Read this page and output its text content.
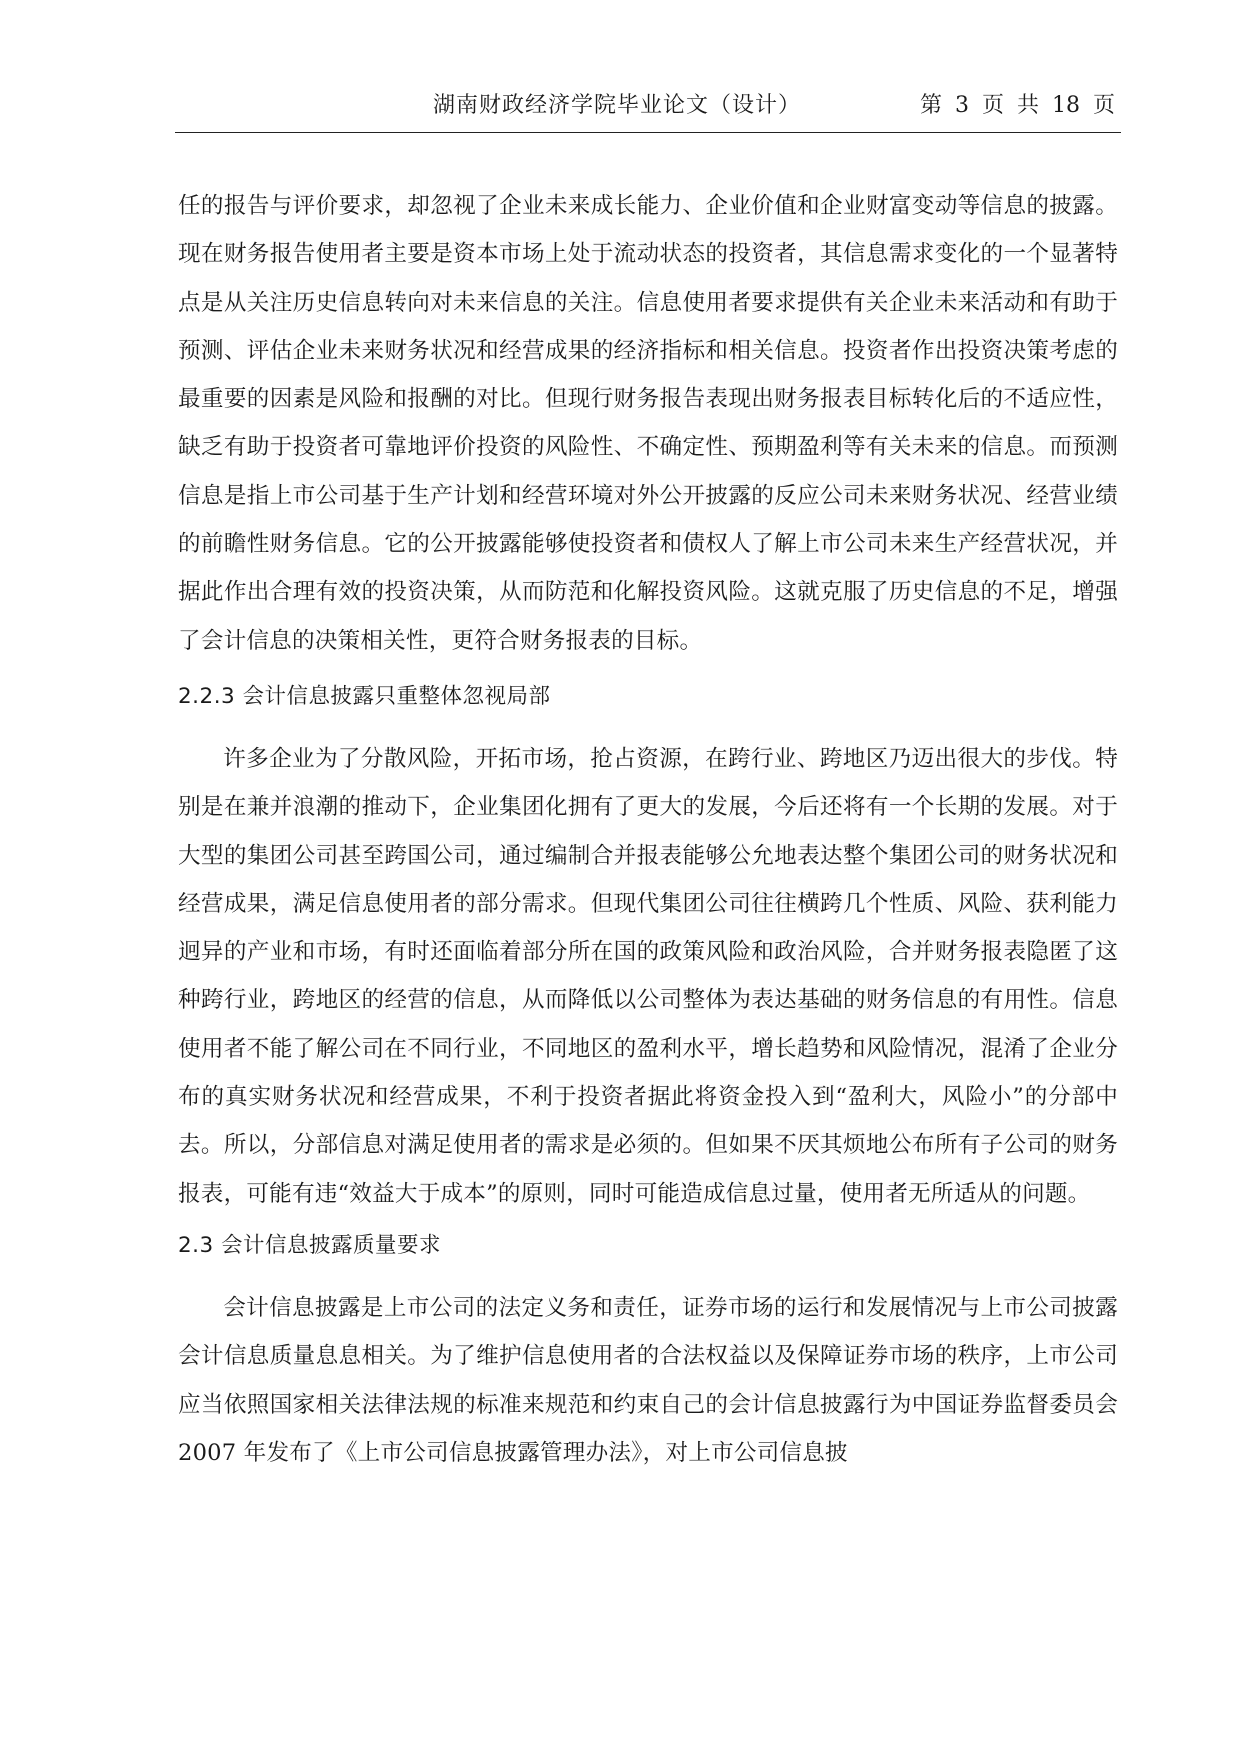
湖南财政经济学院毕业论文（设计）	第 3 页 共 18 页

任的报告与评价要求，却忽视了企业未来成长能力、企业价值和企业财富变动等信息的披露。现在财务报告使用者主要是资本市场上处于流动状态的投资者，其信息需求变化的一个显著特点是从关注历史信息转向对未来信息的关注。信息使用者要求提供有关企业未来活动和有助于预测、评估企业未来财务状况和经营成果的经济指标和相关信息。投资者作出投资决策考虑的最重要的因素是风险和报酬的对比。但现行财务报告表现出财务报表目标转化后的不适应性，缺乏有助于投资者可靠地评价投资的风险性、不确定性、预期盈利等有关未来的信息。而预测信息是指上市公司基于生产计划和经营环境对外公开披露的反应公司未来财务状况、经营业绩的前瞻性财务信息。它的公开披露能够使投资者和债权人了解上市公司未来生产经营状况，并据此作出合理有效的投资决策，从而防范和化解投资风险。这就克服了历史信息的不足，增强了会计信息的决策相关性，更符合财务报表的目标。

2.2.3 会计信息披露只重整体忽视局部

许多企业为了分散风险，开拓市场，抢占资源，在跨行业、跨地区乃迈出很大的步伐。特别是在兼并浪潮的推动下，企业集团化拥有了更大的发展，今后还将有一个长期的发展。对于大型的集团公司甚至跨国公司，通过编制合并报表能够公允地表达整个集团公司的财务状况和经营成果，满足信息使用者的部分需求。但现代集团公司往往横跨几个性质、风险、获利能力迥异的产业和市场，有时还面临着部分所在国的政策风险和政治风险，合并财务报表隐匿了这种跨行业，跨地区的经营的信息，从而降低以公司整体为表达基础的财务信息的有用性。信息使用者不能了解公司在不同行业，不同地区的盈利水平，增长趋势和风险情况，混淆了企业分布的真实财务状况和经营成果，不利于投资者据此将资金投入到“盈利大，风险小”的分部中去。所以，分部信息对满足使用者的需求是必须的。但如果不厌其烦地公布所有子公司的财务报表，可能有违“效益大于成本”的原则，同时可能造成信息过量，使用者无所适从的问题。

2.3 会计信息披露质量要求

会计信息披露是上市公司的法定义务和责任，证券市场的运行和发展情况与上市公司披露会计信息质量息息相关。为了维护信息使用者的合法权益以及保障证券市场的秩序，上市公司应当依照国家相关法律法规的标准来规范和约束自己的会计信息披露行为中国证券监督委员会 2007 年发布了《上市公司信息披露管理办法》，对上市公司信息披
